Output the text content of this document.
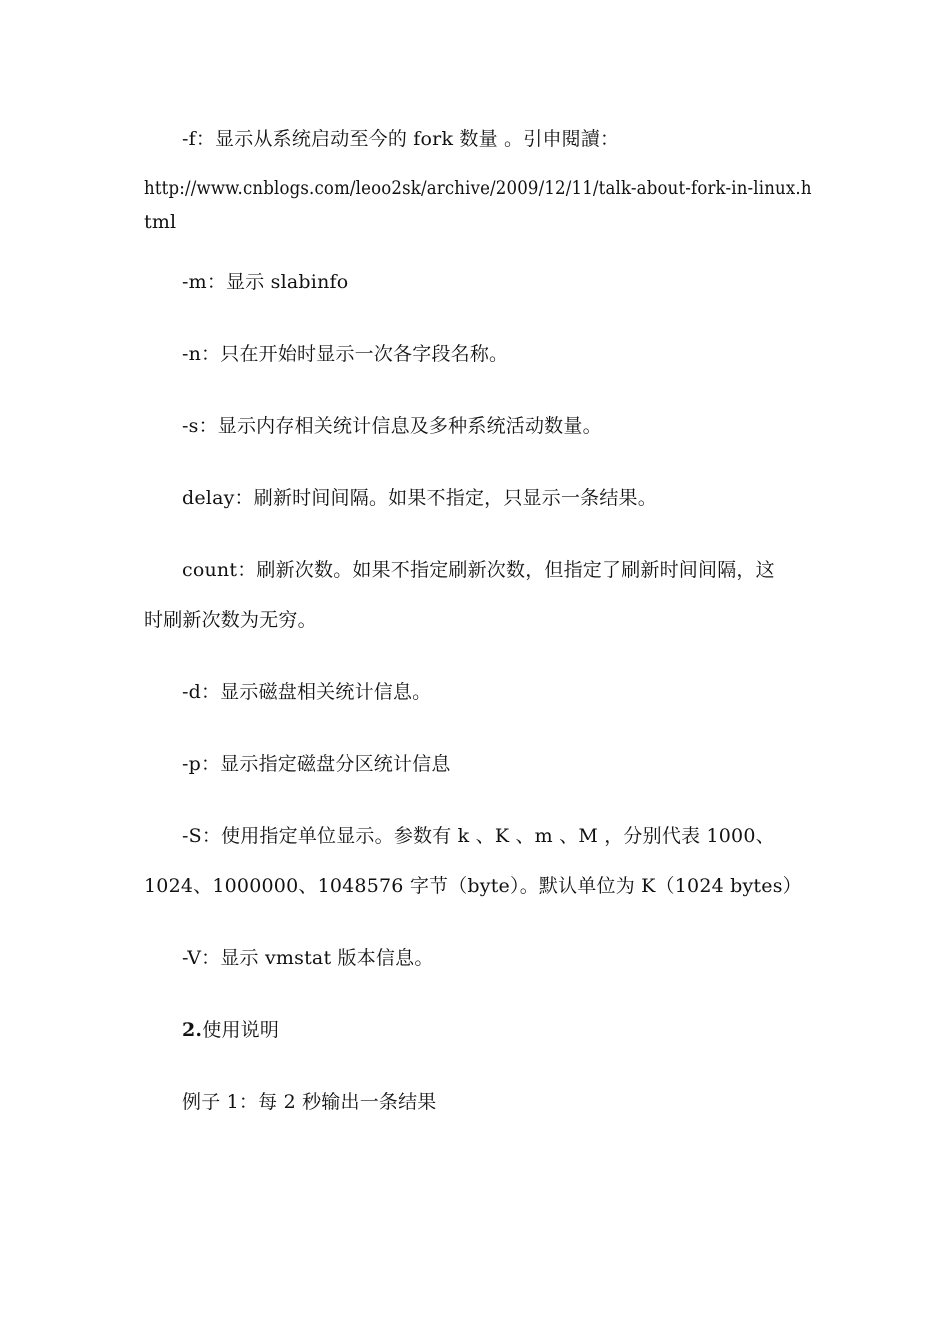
-f：显示从系统启动至今的 fork 数量 。引申閱讀：
http://www.cnblogs.com/leoo2sk/archive/2009/12/11/talk-about-fork-in-linux.h
tml
-m：显示 slabinfo
-n：只在开始时显示一次各字段名称。
-s：显示内存相关统计信息及多种系统活动数量。
delay：刷新时间间隔。如果不指定，只显示一条结果。
count：刷新次数。如果不指定刷新次数，但指定了刷新时间间隔，这
时刷新次数为无穷。
-d：显示磁盘相关统计信息。
-p：显示指定磁盘分区统计信息
-S：使用指定单位显示。参数有 k 、K 、m 、M ，分别代表 1000、
1024、1000000、1048576 字节（byte）。默认单位为 K（1024 bytes）
-V：显示 vmstat 版本信息。
2.使用说明
例子 1：每 2 秒输出一条结果
